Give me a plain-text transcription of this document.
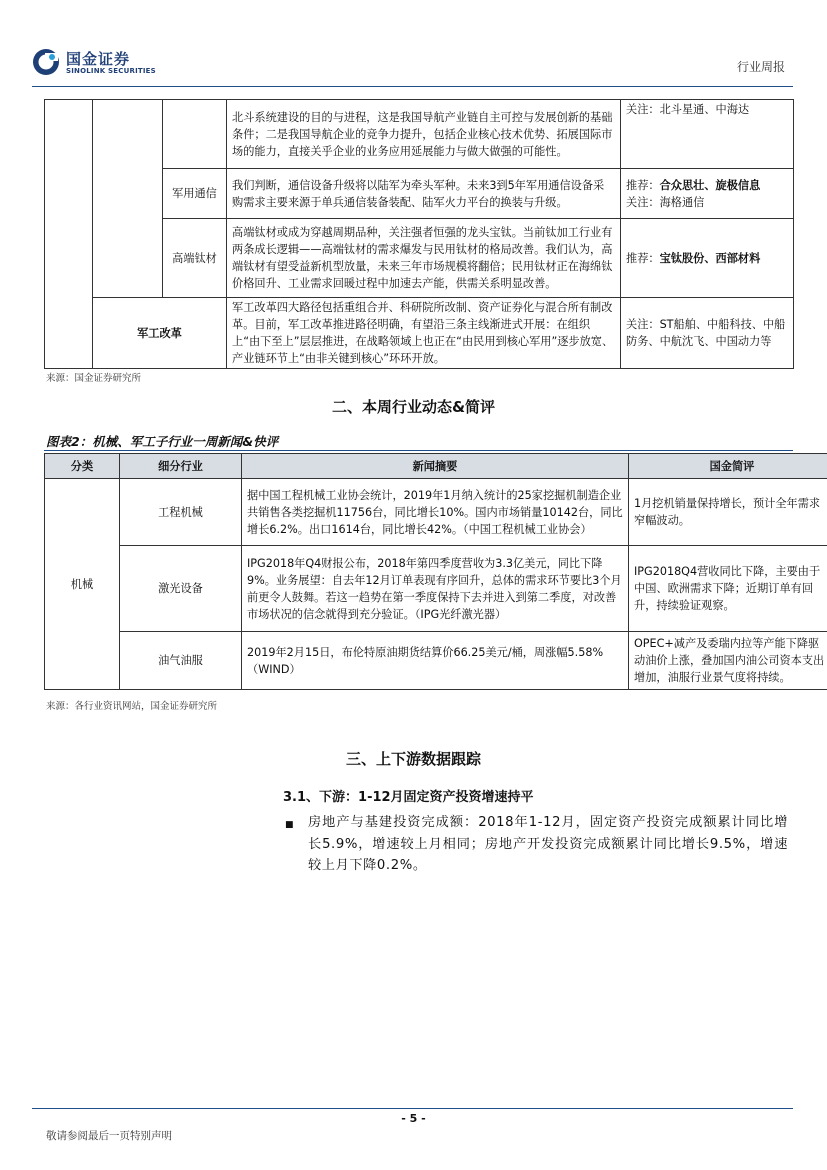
国金证券
SINOLINK SECURITIES	行业周报
			北斗系统建设的目的与进程，这是我国导航产业链自主可控与发展创新的基础条件；二是我国导航企业的竞争力提升，包括企业核心技术优势、拓展国际市场的能力，直接关乎企业的业务应用延展能力与做大做强的可能性。	关注：北斗星通、中海达
		军用通信	我们判断，通信设备升级将以陆军为牵头军种。未来3到5年军用通信设备采购需求主要来源于单兵通信装备装配、陆军火力平台的换装与升级。	推荐：合众思壮、旋极信息
关注：海格通信
		高端钛材	高端钛材或成为穿越周期品种，关注强者恒强的龙头宝钛。当前钛加工行业有两条成长逻辑——高端钛材的需求爆发与民用钛材的格局改善。我们认为，高端钛材有望受益新机型放量，未来三年市场规模将翻倍；民用钛材正在海绵钛价格回升、工业需求回暖过程中加速去产能，供需关系明显改善。	推荐：宝钛股份、西部材料
	军工改革		军工改革四大路径包括重组合并、科研院所改制、资产证券化与混合所有制改革。目前，军工改革推进路径明确，有望沿三条主线渐进式开展：在组织上“由下至上”层层推进，在战略领域上也正在“由民用到核心军用”逐步放宽、产业链环节上“由非关键到核心”环环开放。	关注：ST船舶、中船科技、中船防务、中航沈飞、中国动力等
来源：国金证券研究所
二、本周行业动态&简评
图表2：机械、军工子行业一周新闻&快评
分类	细分行业	新闻摘要	国金简评
机械	工程机械	据中国工程机械工业协会统计，2019年1月纳入统计的25家挖掘机制造企业共销售各类挖掘机11756台，同比增长10%。国内市场销量10142台，同比增长6.2%。出口1614台，同比增长42%。（中国工程机械工业协会）	1月挖机销量保持增长，预计全年需求窄幅波动。
	激光设备	IPG2018年Q4财报公布，2018年第四季度营收为3.3亿美元，同比下降9%。业务展望：自去年12月订单表现有序回升，总体的需求环节要比3个月前更令人鼓舞。若这一趋势在第一季度保持下去并进入到第二季度，对改善市场状况的信念就得到充分验证。（IPG光纤激光器）	IPG2018Q4营收同比下降，主要由于中国、欧洲需求下降；近期订单有回升，持续验证观察。
	油气油服	2019年2月15日，布伦特原油期货结算价66.25美元/桶，周涨幅5.58%（WIND）	OPEC+减产及委瑞内拉等产能下降驱动油价上涨，叠加国内油公司资本支出增加，油服行业景气度将持续。
来源：各行业资讯网站，国金证券研究所
三、上下游数据跟踪
3.1、下游：1-12月固定资产投资增速持平
■ 房地产与基建投资完成额：2018年1-12月，固定资产投资完成额累计同比增长5.9%，增速较上月相同；房地产开发投资完成额累计同比增长9.5%，增速较上月下降0.2%。
- 5 -
敬请参阅最后一页特别声明
